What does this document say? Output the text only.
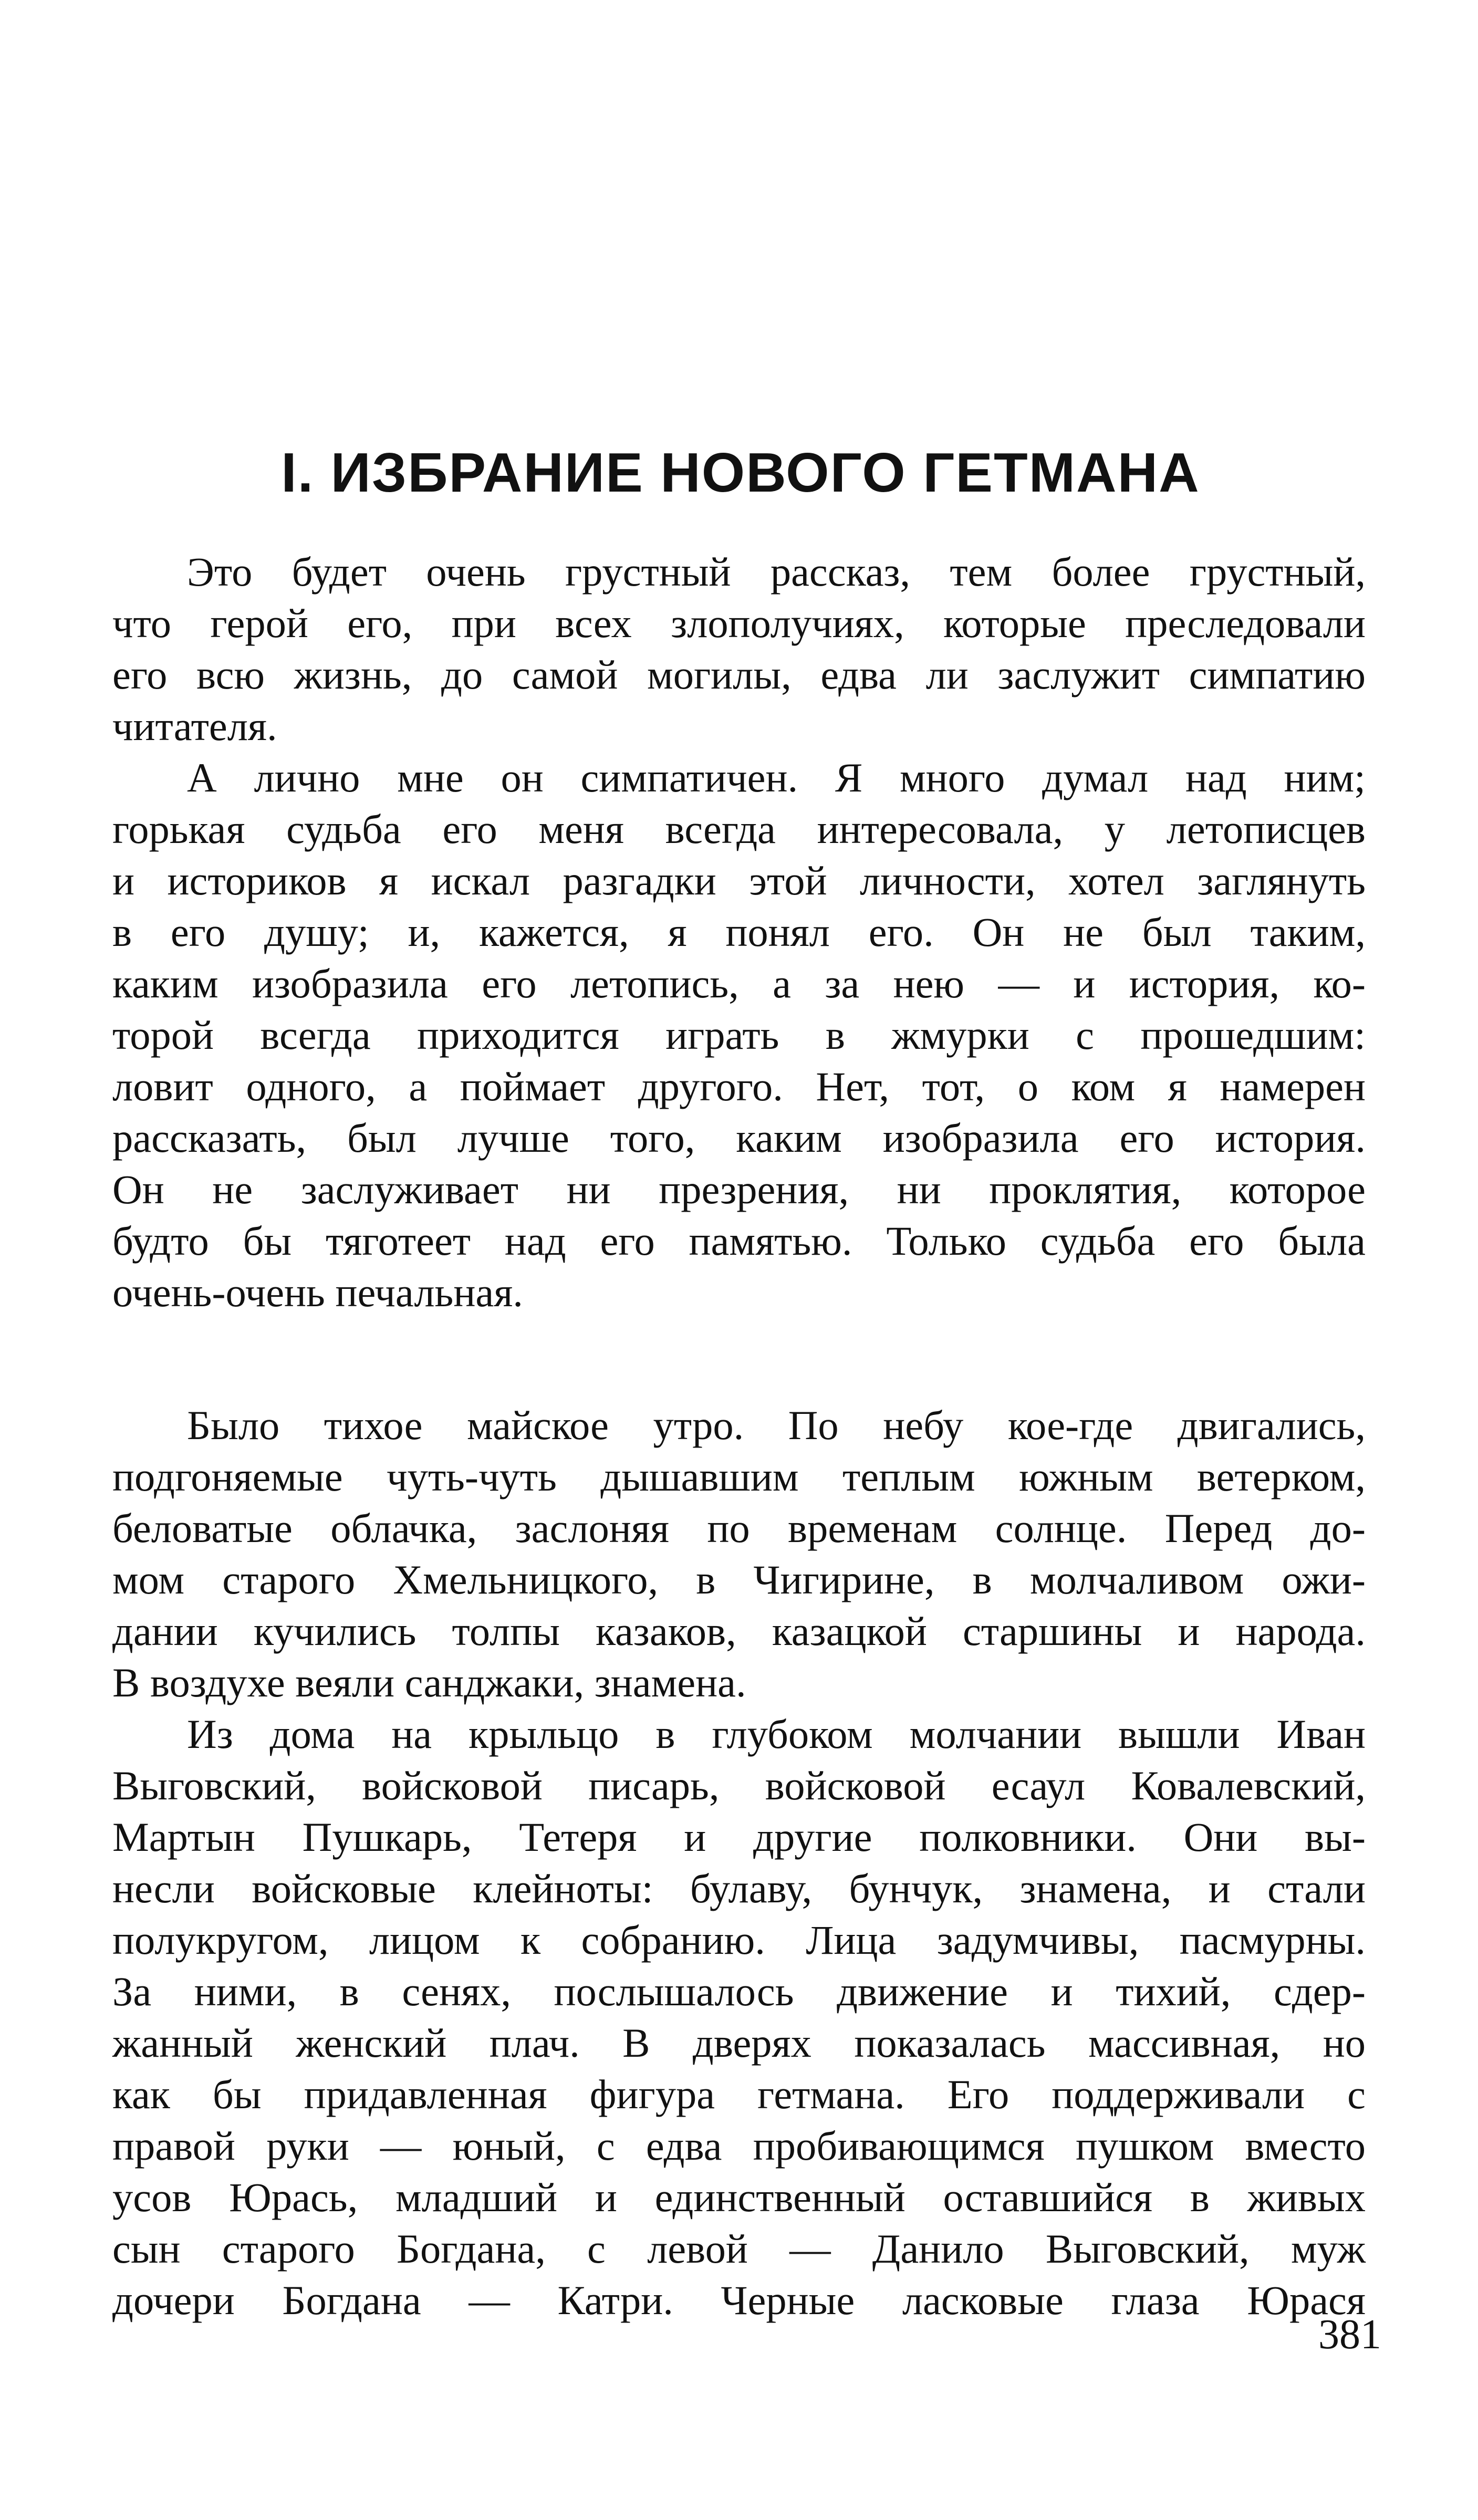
I. ИЗБРАНИЕ НОВОГО ГЕТМАНА
Это будет очень грустный рассказ, тем более грустный,
что герой его, при всех злополучиях, которые преследовали
его всю жизнь, до самой могилы, едва ли заслужит симпатию
читателя.
А лично мне он симпатичен. Я много думал над ним;
горькая судьба его меня всегда интересовала, у летописцев
и историков я искал разгадки этой личности, хотел заглянуть
в его душу; и, кажется, я понял его. Он не был таким,
каким изобразила его летопись, а за нею — и история, ко-
торой всегда приходится играть в жмурки с прошедшим:
ловит одного, а поймает другого. Нет, тот, о ком я намерен
рассказать, был лучше того, каким изобразила его история.
Он не заслуживает ни презрения, ни проклятия, которое
будто бы тяготеет над его памятью. Только судьба его была
очень-очень печальная.
Было тихое майское утро. По небу кое-где двигались,
подгоняемые чуть-чуть дышавшим теплым южным ветерком,
беловатые облачка, заслоняя по временам солнце. Перед до-
мом старого Хмельницкого, в Чигирине, в молчаливом ожи-
дании кучились толпы казаков, казацкой старшины и народа.
В воздухе веяли санджаки, знамена.
Из дома на крыльцо в глубоком молчании вышли Иван
Выговский, войсковой писарь, войсковой есаул Ковалевский,
Мартын Пушкарь, Тетеря и другие полковники. Они вы-
несли войсковые клейноты: булаву, бунчук, знамена, и стали
полукругом, лицом к собранию. Лица задумчивы, пасмурны.
За ними, в сенях, послышалось движение и тихий, сдер-
жанный женский плач. В дверях показалась массивная, но
как бы придавленная фигура гетмана. Его поддерживали с
правой руки — юный, с едва пробивающимся пушком вместо
усов Юрась, младший и единственный оставшийся в живых
сын старого Богдана, с левой — Данило Выговский, муж
дочери Богдана — Катри. Черные ласковые глаза Юрася
381
